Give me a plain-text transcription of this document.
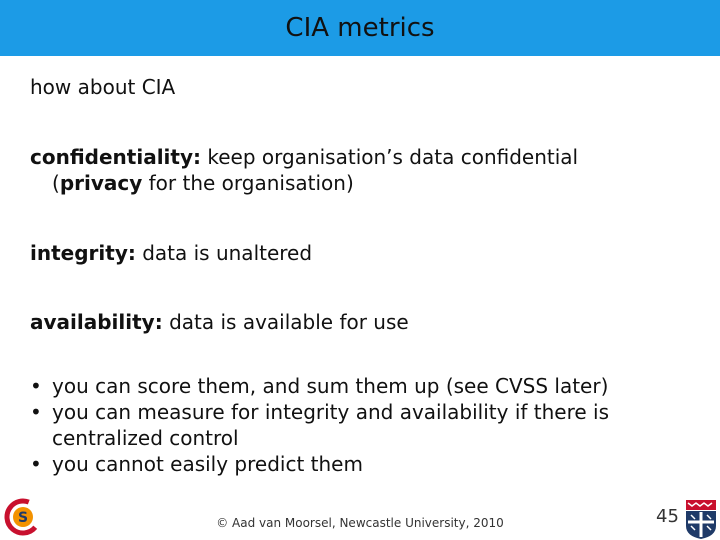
CIA metrics
how about CIA
confidentiality: keep organisation’s data confidential
(privacy for the organisation)
integrity: data is unaltered
availability: data is available for use
• you can score them, and sum them up (see CVSS later)
• you can measure for integrity and availability if there is centralized control
• you cannot easily predict them
S	© Aad van Moorsel, Newcastle University, 2010	45
